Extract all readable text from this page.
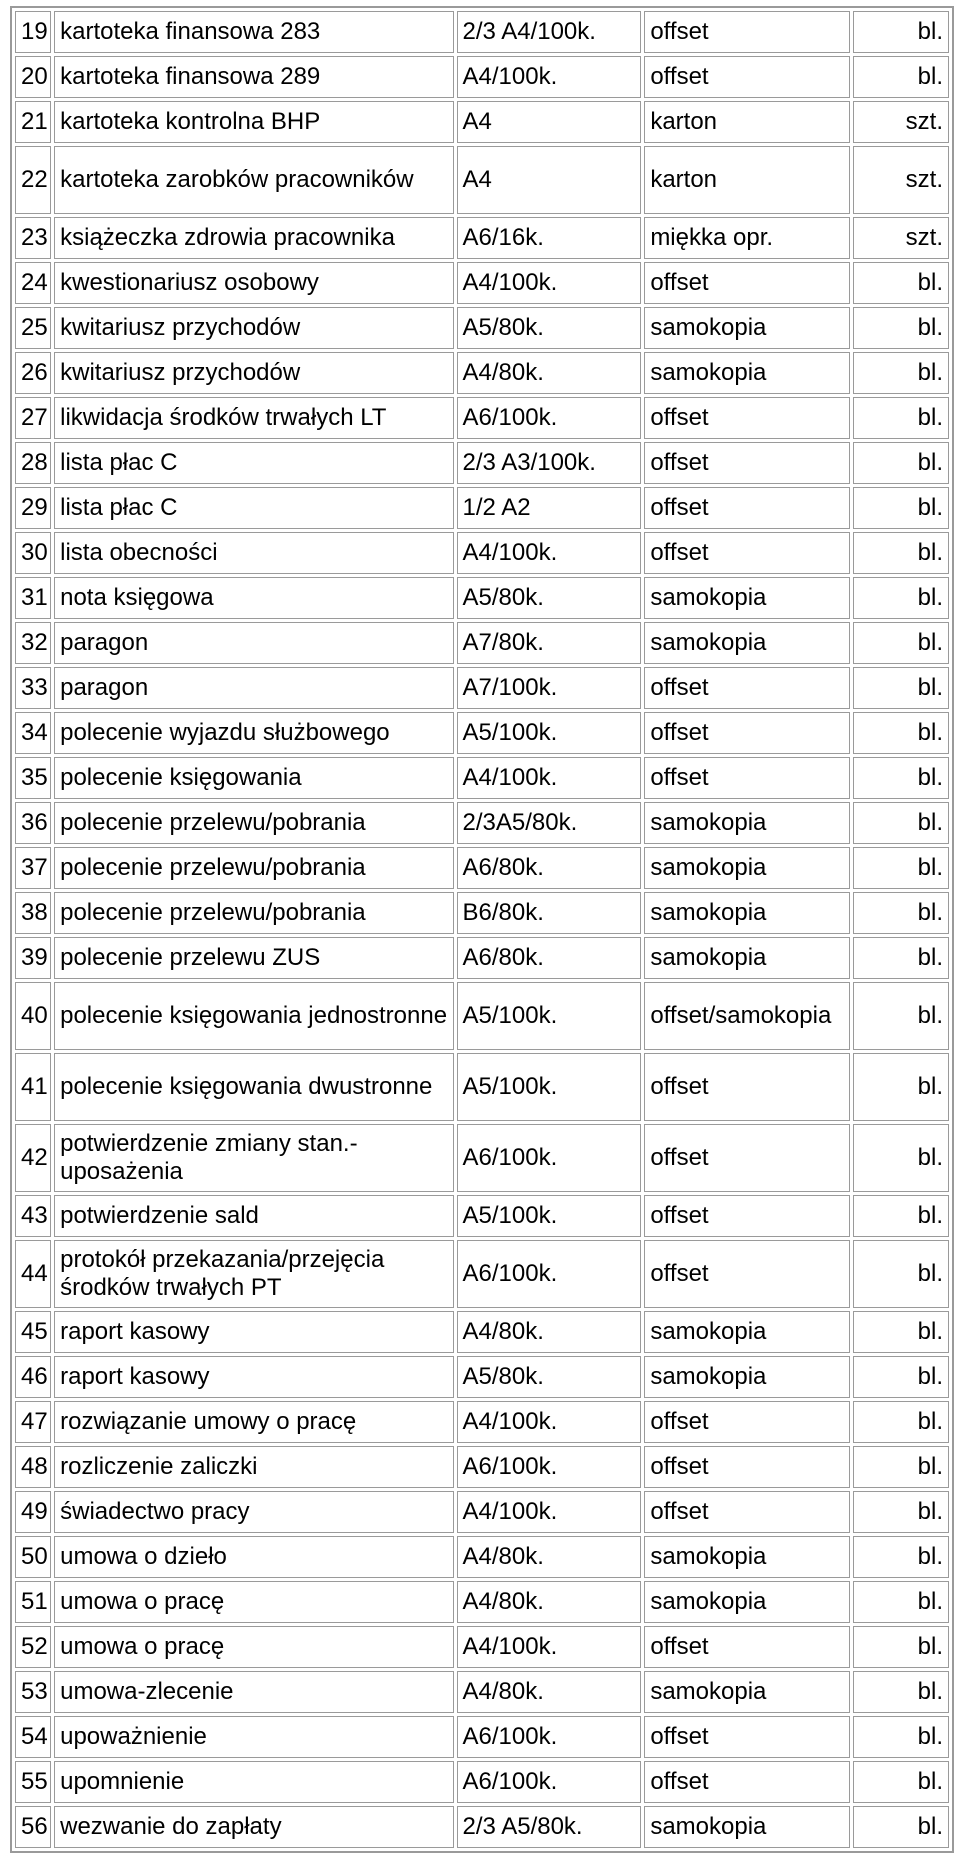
19	kartoteka finansowa 283	2/3 A4/100k.	offset	bl.
20	kartoteka finansowa 289	A4/100k.	offset	bl.
21	kartoteka kontrolna BHP	A4	karton	szt.
22	kartoteka zarobków pracowników	A4	karton	szt.
23	książeczka zdrowia pracownika	A6/16k.	miękka opr.	szt.
24	kwestionariusz osobowy	A4/100k.	offset	bl.
25	kwitariusz przychodów	A5/80k.	samokopia	bl.
26	kwitariusz przychodów	A4/80k.	samokopia	bl.
27	likwidacja środków trwałych LT	A6/100k.	offset	bl.
28	lista płac C	2/3 A3/100k.	offset	bl.
29	lista płac C	1/2 A2	offset	bl.
30	lista obecności	A4/100k.	offset	bl.
31	nota księgowa	A5/80k.	samokopia	bl.
32	paragon	A7/80k.	samokopia	bl.
33	paragon	A7/100k.	offset	bl.
34	polecenie wyjazdu służbowego	A5/100k.	offset	bl.
35	polecenie księgowania	A4/100k.	offset	bl.
36	polecenie przelewu/pobrania	2/3A5/80k.	samokopia	bl.
37	polecenie przelewu/pobrania	A6/80k.	samokopia	bl.
38	polecenie przelewu/pobrania	B6/80k.	samokopia	bl.
39	polecenie przelewu ZUS	A6/80k.	samokopia	bl.
40	polecenie księgowania jednostronne	A5/100k.	offset/samokopia	bl.
41	polecenie księgowania dwustronne	A5/100k.	offset	bl.
42	potwierdzenie zmiany stan.- uposażenia	A6/100k.	offset	bl.
43	potwierdzenie sald	A5/100k.	offset	bl.
44	protokół przekazania/przejęcia środków trwałych PT	A6/100k.	offset	bl.
45	raport kasowy	A4/80k.	samokopia	bl.
46	raport kasowy	A5/80k.	samokopia	bl.
47	rozwiązanie umowy o pracę	A4/100k.	offset	bl.
48	rozliczenie zaliczki	A6/100k.	offset	bl.
49	świadectwo pracy	A4/100k.	offset	bl.
50	umowa o dzieło	A4/80k.	samokopia	bl.
51	umowa o pracę	A4/80k.	samokopia	bl.
52	umowa o pracę	A4/100k.	offset	bl.
53	umowa-zlecenie	A4/80k.	samokopia	bl.
54	upoważnienie	A6/100k.	offset	bl.
55	upomnienie	A6/100k.	offset	bl.
56	wezwanie do zapłaty	2/3 A5/80k.	samokopia	bl.
